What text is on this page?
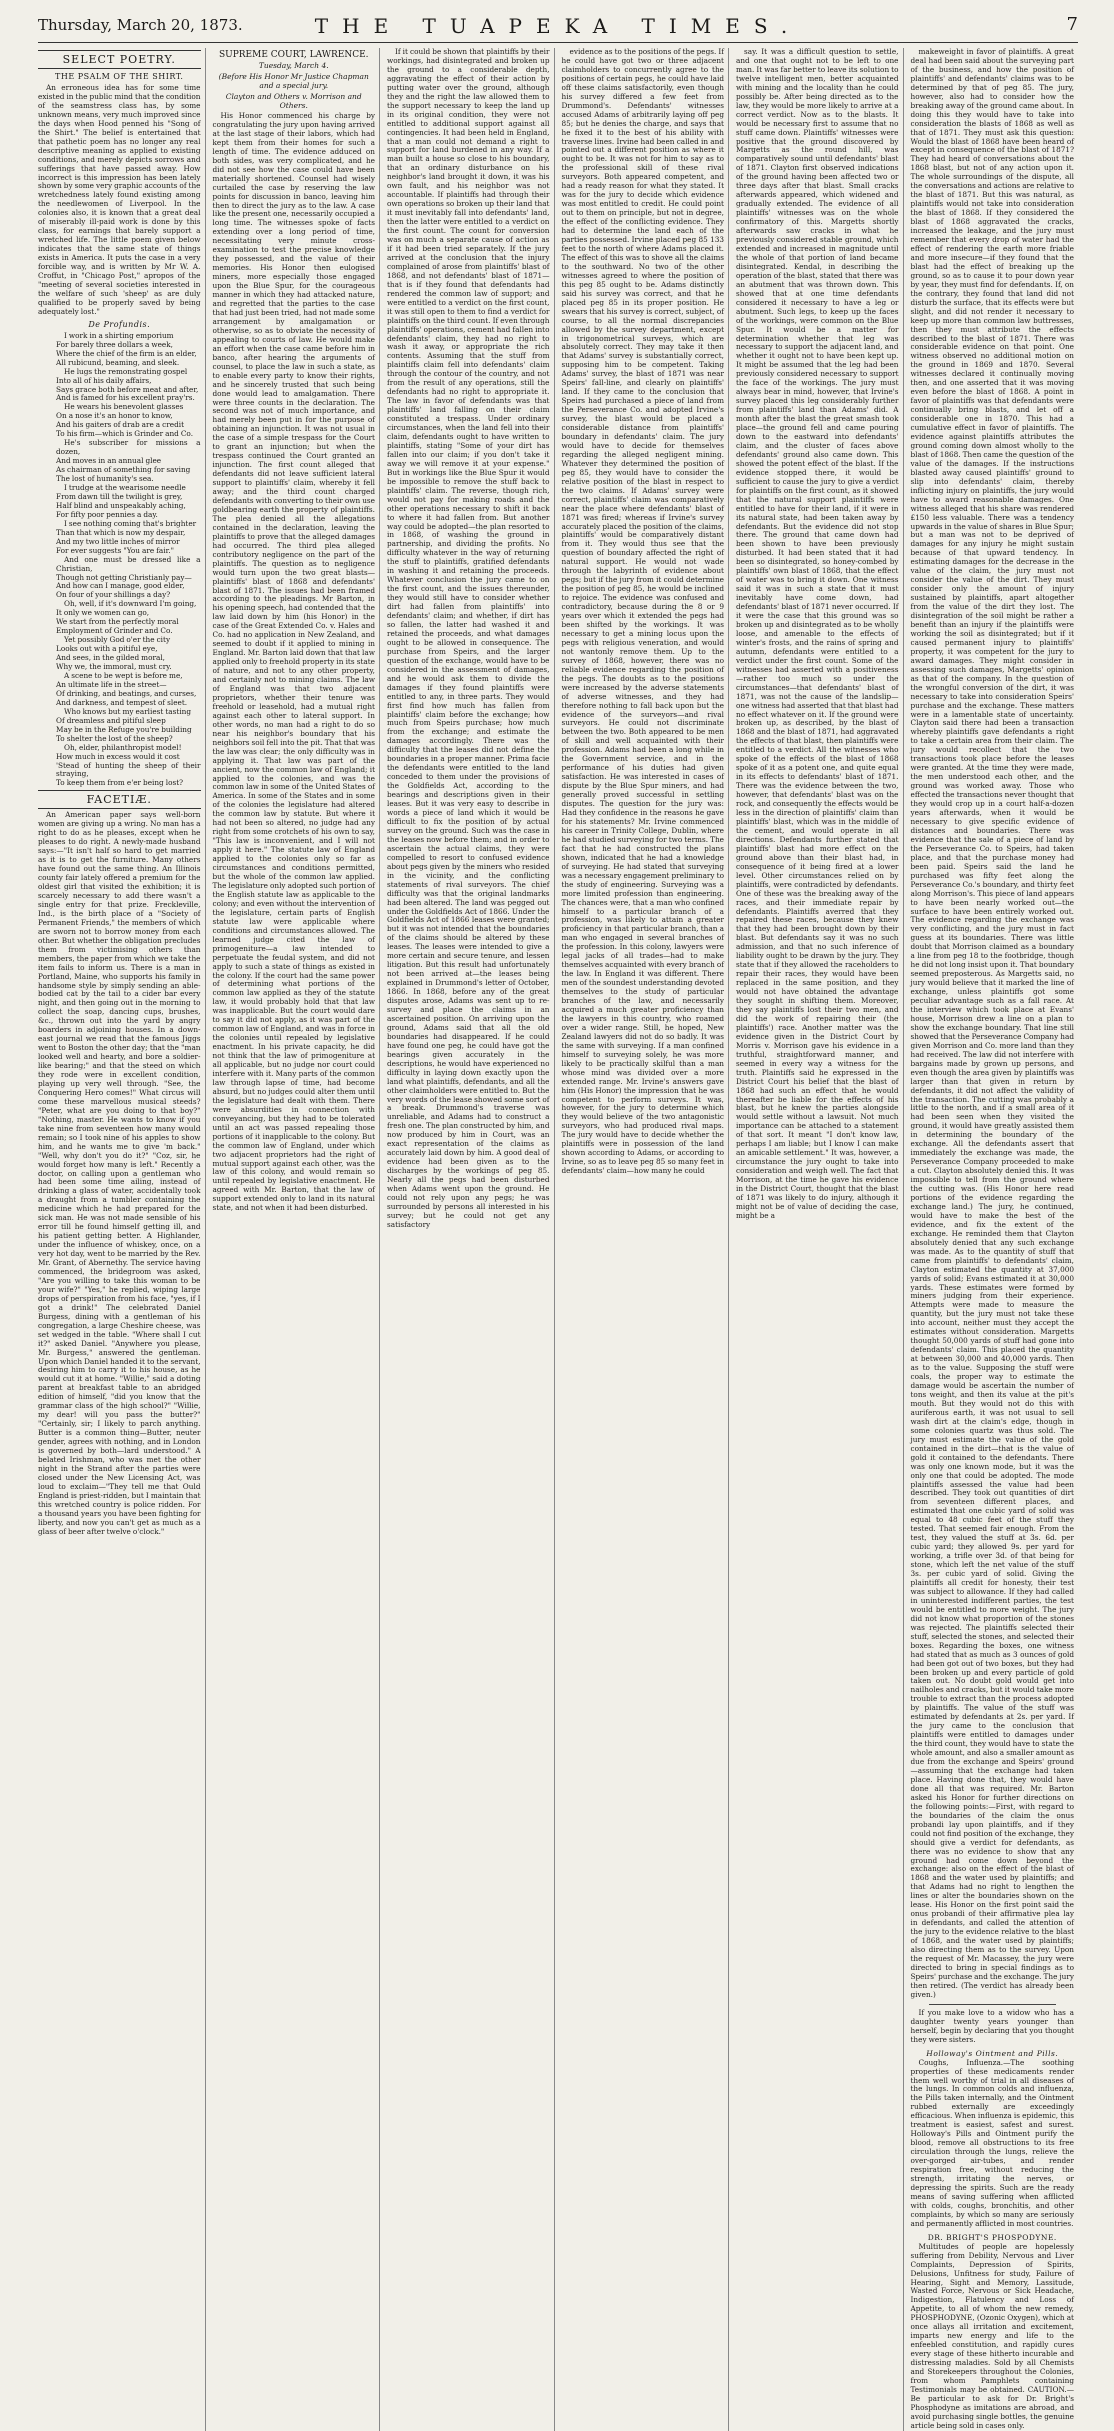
Thursday, March 20, 1873.	THE TUAPEKA TIMES.	7
SELECT POETRY.
THE PSALM OF THE SHIRT.

An erroneous idea has for some time existed in the public mind that the condition of the seamstress class has, by some unknown means, very much improved since the days when Hood penned his "Song of the Shirt." The belief is entertained that that pathetic poem has no longer any real descriptive meaning as applied to existing conditions, and merely depicts sorrows and sufferings that have passed away. How incorrect is this impression has been lately shown by some very graphic accounts of the wretchedness lately found existing among the needlewomen of Liverpool. In the colonies also, it is known that a great deal of miserably ill-paid work is done by this class, for earnings that barely support a wretched life. The little poem given below indicates that the same state of things exists in America. It puts the case in a very forcible way, and is written by Mr W. A. Croffut, in "Chicago Post," apropos of the "meeting of several societies interested in the welfare of such 'sheep' as are duly qualified to be properly saved by being adequately lost."

De Profundis.

I work in a shirting emporium
For barely three dollars a week,
Where the chief of the firm is an elder,
All rubicund, beaming, and sleek.

He lugs the remonstrating gospel
Into all of his daily affairs,
Says grace both before meat and after,
And is famed for his excellent pray'rs.

He wears his benevolent glasses
On a nose it's an honor to know,
And his gaiters of drab are a credit
To his firm—which is Grinder and Co.

He's subscriber for missions a dozen,
And moves in an annual glee
As chairman of something for saving
The lost of humanity's sea.

I trudge at the wearisome needle
From dawn till the twilight is grey,
Half blind and unspeakably aching,
For fifty poor pennies a day.

I see nothing coming that's brighter
Than that which is now my despair,
And my two little inches of mirror
For ever suggests "You are fair."

And one must be dressed like a Christian,
Though not getting Christianly pay—
And how can I manage, good elder,
On four of your shillings a day?

Oh, well, if it's downward I'm going,
It only we women can go,
We start from the perfectly moral
Employment of Grinder and Co.

Yet possibly God o'er the city
Looks out with a pitiful eye,
And sees, in the gilded moral,
Why we, the immoral, must cry.

A scene to be wept is before me,
An ultimate life in the street—
Of drinking, and beatings, and curses,
And darkness, and tempest of sleet.

Who knows but my earliest tasting
Of dreamless and pitiful sleep
May be in the Refuge you're building
To shelter the lost of the sheep?

Oh, elder, philanthropist model!
How much in excess would it cost
'Stead of hunting the sheep of their straying,
To keep them from e'er being lost?

FACETIÆ.

An American paper says well-born women are giving up a wring. No man has a right to do as he pleases, except when he pleases to do right. A newly-made husband says:—"It isn't half so hard to get married as it is to get the furniture. Many others have found out the same thing. An Illinois county fair lately offered a premium for the oldest girl that visited the exhibition; it is scarcely necessary to add there wasn't a single entry for that prize. Freckleville, Ind., is the birth place of a "Society of Permanent Friends," the members of which are sworn not to borrow money from each other. But whether the obligation precludes them from victimising others than members, the paper from which we take the item fails to inform us. There is a man in Portland, Maine, who supports his family in handsome style by simply sending an able-bodied cat by the tail to a cider bar every night, and then going out in the morning to collect the soap, dancing cups, brushes, &c., thrown out into the yard by angry boarders in adjoining houses. In a down-east journal we read that the famous Jiggs went to Boston the other day; that the "man looked well and hearty, and bore a soldier-like bearing;" and that the steed on which they rode were in excellent condition, playing up very well through. "See, the Conquering Hero comes!" What circus will come these marvellous musical steeds? "Peter, what are you doing to that boy?" "Nothing, master. He wants to know if you take nine from seventeen how many would remain; so I took nine of his apples to show him, and he wants me to give 'm back." "Well, why don't you do it?" "Coz, sir, he would forget how many is left." Recently a doctor, on calling upon a gentleman who had been some time ailing, instead of drinking a glass of water, accidentally took a draught from a tumbler containing the medicine which he had prepared for the sick man. He was not made sensible of his error till he found himself getting ill, and his patient getting better. A Highlander, under the influence of whiskey, once, on a very hot day, went to be married by the Rev. Mr. Grant, of Abernethy. The service having commenced, the bridegroom was asked, "Are you willing to take this woman to be your wife?" "Yes," he replied, wiping large drops of perspiration from his face, "yes, if I got a drink!" The celebrated Daniel Burgess, dining with a gentleman of his congregation, a large Cheshire cheese, was set wedged in the table. "Where shall I cut it?" asked Daniel. "Anywhere you please, Mr. Burgess," answered the gentleman. Upon which Daniel handed it to the servant, desiring him to carry it to his house, as he would cut it at home. "Willie," said a doting parent at breakfast table to an abridged edition of himself, "did you know that the grammar class of the high school?" "Willie, my dear! will you pass the butter?" "Certainly, sir; I likely to parch anything. Butter is a common thing—Butter, neuter gender, agrees with nothing, and in London is governed by both—lard understood." A belated Irishman, who was met the other night in the Strand after the parties were closed under the New Licensing Act, was loud to exclaim—"They tell me that Ould England is priest-ridden, but I maintain that this wretched country is police ridden. For a thousand years you have been fighting for liberty, and now you can't get as much as a glass of beer after twelve o'clock."

SUPREME COURT, LAWRENCE.
Tuesday, March 4.
(Before His Honor Mr Justice Chapman and a special jury.
Clayton and Others v. Morrison and Others.

His Honor commenced his charge by congratulating the jury upon having arrived at the last stage of their labors, which had kept them from their homes for such a length of time. The evidence adduced on both sides, was very complicated, and he did not see how the case could have been materially shortened. Counsel had wisely curtailed the case by reserving the law points for discussion in banco, leaving him then to direct the jury as to the law. A case like the present one, necessarily occupied a long time. The witnesses spoke of facts extending over a long period of time, necessitating very minute cross-examination to test the precise knowledge they possessed, and the value of their memories. His Honor then eulogised miners, more especially those engaged upon the Blue Spur, for the courageous manner in which they had attacked nature, and regretted that the parties to the case that had just been tried, had not made some arrangement by amalgamation or otherwise, so as to obviate the necessity of appealing to courts of law. He would make an effort when the case came before him in banco, after hearing the arguments of counsel, to place the law in such a state, as to enable every party to know their rights, and he sincerely trusted that such being done would lead to amalgamation. There were three counts in the declaration. The second was not of much importance, and had merely been put in for the purpose of obtaining an injunction. It was not usual in the case of a simple trespass for the Court to grant an injunction; but when the trespass continued the Court granted an injunction. The first count alleged that defendants did not leave sufficient lateral support to plaintiffs' claim, whereby it fell away; and the third count charged defendants with converting to their own use goldbearing earth the property of plaintiffs. The plea denied all the allegations contained in the declaration, leaving the plaintiffs to prove that the alleged damages had occurred. The third plea alleged contributory negligence on the part of the plaintiffs. The question as to negligence would turn upon the two great blasts—plaintiffs' blast of 1868 and defendants' blast of 1871. The issues had been framed according to the pleadings. Mr Barton, in his opening speech, had contended that the law laid down by him (his Honor) in the case of the Great Extended Co. v. Hales and Co. had no application in New Zealand, and seemed to doubt if it applied to mining in England. Mr. Barton laid down that that law applied only to freehold property in its state of nature, and not to any other property, and certainly not to mining claims. The law of England was that two adjacent proprietors, whether their tenure was freehold or leasehold, had a mutual right against each other to lateral support. In other words, no man had a right to do so near his neighbor's boundary that his neighbors soil fell into the pit. That that was the law was clear; the only difficulty was in applying it. That law was part of the ancient, now the common law of England; it applied to the colonies, and was the common law in some of the United States of America. In some of the States and in some of the colonies the legislature had altered the common law by statute. But where it had not been so altered, no judge had any right from some crotchets of his own to say, "This law is inconvenient, and I will not apply it here." The statute law of England applied to the colonies only so far as circumstances and conditions permitted, but the whole of the common law applied. The legislature only adopted such portion of the English statute law as applicable to the colony; and even without the intervention of the legislature, certain parts of English statute law were applicable where conditions and circumstances allowed. The learned judge cited the law of primogeniture—a law intended to perpetuate the feudal system, and did not apply to such a state of things as existed in the colony. If the court had the same power of determining what portions of the common law applied as they of the statute law, it would probably hold that that law was inapplicable. But the court would dare to say it did not apply, as it was part of the common law of England, and was in force in the colonies until repealed by legislative enactment. In his private capacity, he did not think that the law of primogeniture at all applicable, but no judge nor court could interfere with it. Many parts of the common law through lapse of time, had become absurd, but no judges could alter them until the legislature had dealt with them. There were absurdities in connection with conveyancing, but they had to be tolerated until an act was passed repealing those portions of it inapplicable to the colony. But the common law of England, under which two adjacent proprietors had the right of mutual support against each other, was the law of this colony, and would remain so until repealed by legislative enactment. He agreed with Mr. Barton, that the law of support extended only to land in its natural state, and not when it had been disturbed.

If it could be shown that plaintiffs by their workings, had disintegrated and broken up the ground to a considerable depth, aggravating the effect of their action by putting water over the ground, although they and the right the law allowed them to the support necessary to keep the land up in its original condition, they were not entitled to additional support against all contingencies. It had been held in England, that a man could not demand a right to support for land burdened in any way. If a man built a house so close to his boundary, that an ordinary disturbance on his neighbor's land brought it down, it was his own fault, and his neighbor was not accountable. If plaintiffs had through their own operations so broken up their land that it must inevitably fall into defendants' land, then the latter were entitled to a verdict on the first count. The count for conversion was on much a separate cause of action as if it had been tried separately. If the jury arrived at the conclusion that the injury complained of arose from plaintiffs' blast of 1868, and not defendants' blast of 1871—that is if they found that defendants had rendered the common law of support; and were entitled to a verdict on the first count, it was still open to them to find a verdict for plaintiffs on the third count. If even through plaintiffs' operations, cement had fallen into defendants' claim, they had no right to wash it away, or appropriate the rich contents. Assuming that the stuff from plaintiffs claim fell into defendants' claim through the contour of the country, and not from the result of any operations, still the defendants had no right to appropriate it. The law in favor of defendants was that plaintiffs' land falling on their claim constituted a trespass. Under ordinary circumstances, when the land fell into their claim, defendants ought to have written to plaintiffs, stating "Some of your dirt has fallen into our claim; if you don't take it away we will remove it at your expense." But in workings like the Blue Spur it would be impossible to remove the stuff back to plaintiffs' claim. The reverse, though rich, would not pay for making roads and the other operations necessary to shift it back to where it had fallen from. But another way could be adopted—the plan resorted to in 1868, of washing the ground in partnership, and dividing the profits. No difficulty whatever in the way of returning the stuff to plaintiffs, gratified defendants in washing it and retaining the proceeds. Whatever conclusion the jury came to on the first count, and the issues thereunder, they would still have to consider whether dirt had fallen from plaintiffs' into defendants' claim; and whether, if dirt has so fallen, the latter had washed it and retained the proceeds, and what damages ought to be allowed in consequence. The purchase from Speirs, and the larger question of the exchange, would have to be considered in the assessment of damages, and he would ask them to divide the damages if they found plaintiffs were entitled to any, in three parts. They would first find how much has fallen from plaintiffs' claim before the exchange; how much from Speirs purchase; how much from the exchange; and estimate the damages accordingly. There was the difficulty that the leases did not define the boundaries in a proper manner. Prima facie the defendants were entitled to the land conceded to them under the provisions of the Goldfields Act, according to the bearings and descriptions given in their leases. But it was very easy to describe in words a piece of land which it would be difficult to fix the position of by actual survey on the ground. Such was the case in the leases now before them; and in order to ascertain the actual claims, they were compelled to resort to confused evidence about pegs given by the miners who resided in the vicinity, and the conflicting statements of rival surveyors. The chief difficulty was that the original landmarks had been altered. The land was pegged out under the Goldfields Act of 1866. Under the Goldfields Act of 1866 leases were granted; but it was not intended that the boundaries of the claims should be altered by these leases. The leases were intended to give a more certain and secure tenure, and lessen litigation. But this result had unfortunately not been arrived at—the leases being explained in Drummond's letter of October, 1866. In 1868, before any of the great disputes arose, Adams was sent up to re-survey and place the claims in an ascertained position. On arriving upon the ground, Adams said that all the old boundaries had disappeared. If he could have found one peg, he could have got the bearings given accurately in the descriptions, he would have experienced no difficulty in laying down exactly upon the land what plaintiffs, defendants, and all the other claimholders were entitled to. But the very words of the lease showed some sort of a break. Drummond's traverse was unreliable, and Adams had to construct a fresh one. The plan constructed by him, and now produced by him in Court, was an exact representation of the claims as accurately laid down by him. A good deal of evidence had been given as to the discharges by the workings of peg 85. Nearly all the pegs had been disturbed when Adams went upon the ground. He could not rely upon any pegs; he was surrounded by persons all interested in his survey; but he could not get any satisfactory

evidence as to the positions of the pegs. If he could have got two or three adjacent claimholders to concurrently agree to the positions of certain pegs, he could have laid off these claims satisfactorily, even though his survey differed a few feet from Drummond's. Defendants' witnesses accused Adams of arbitrarily laying off peg 85; but he denies the charge, and says that he fixed it to the best of his ability with traverse lines. Irvine had been called in and pointed out a different position as where it ought to be. It was not for him to say as to the professional skill of these rival surveyors. Both appeared competent, and had a ready reason for what they stated. It was for the jury to decide which evidence was most entitled to credit. He could point out to them on principle, but not in degree, the effect of the conflicting evidence. They had to determine the land each of the parties possessed. Irvine placed peg 85 133 feet to the north of where Adams placed it. The effect of this was to shove all the claims to the southward. No two of the other witnesses agreed to where the position of this peg 85 ought to be. Adams distinctly said his survey was correct, and that he placed peg 85 in its proper position. He swears that his survey is correct, subject, of course, to all the normal discrepancies allowed by the survey department, except in trigonometrical surveys, which are absolutely correct. They may take it then that Adams' survey is substantially correct, supposing him to be competent. Taking Adams' survey, the blast of 1871 was near Speirs' fall-line, and clearly on plaintiffs' land. If they came to the conclusion that Speirs had purchased a piece of land from the Perseverance Co. and adopted Irvine's survey, the blast would be placed a considerable distance from plaintiffs' boundary in defendants' claim. The jury would have to decide for themselves regarding the alleged negligent mining. Whatever they determined the position of peg 85, they would have to consider the relative position of the blast in respect to the two claims. If Adams' survey were correct, plaintiffs' claim was comparatively near the place where defendants' blast of 1871 was fired; whereas if Irvine's survey accurately placed the position of the claims, plaintiffs' would be comparatively distant from it. They would thus see that the question of boundary affected the right of natural support. He would not wade through the labyrinth of evidence about pegs; but if the jury from it could determine the position of peg 85, he would be inclined to rejoice. The evidence was confused and contradictory, because during the 8 or 9 years over which it extended the pegs had been shifted by the workings. It was necessary to get a mining locus upon the pegs with religious veneration, and would not wantonly remove them. Up to the survey of 1868, however, there was no reliable evidence regarding the position of the pegs. The doubts as to the positions were increased by the adverse statements of adverse witnesses, and they had therefore nothing to fall back upon but the evidence of the surveyors—and rival surveyors. He could not discriminate between the two. Both appeared to be men of skill and well acquainted with their profession. Adams had been a long while in the Government service, and in the performance of his duties had given satisfaction. He was interested in cases of dispute by the Blue Spur miners, and had generally proved successful in settling disputes. The question for the jury was: Had they confidence in the reasons he gave for his statements? Mr. Irvine commenced his career in Trinity College, Dublin, where he had studied surveying for two terms. The fact that he had constructed the plans shown, indicated that he had a knowledge of surveying. He had stated that surveying was a necessary engagement preliminary to the study of engineering. Surveying was a more limited profession than engineering. The chances were, that a man who confined himself to a particular branch of a profession, was likely to attain a greater proficiency in that particular branch, than a man who engaged in several branches of the profession. In this colony, lawyers were legal jacks of all trades—had to make themselves acquainted with every branch of the law. In England it was different. There men of the soundest understanding devoted themselves to the study of particular branches of the law, and necessarily acquired a much greater proficiency than the lawyers in this country, who roamed over a wider range. Still, he hoped, New Zealand lawyers did not do so badly. It was the same with surveying. If a man confined himself to surveying solely, he was more likely to be practically skilful than a man whose mind was divided over a more extended range. Mr. Irvine's answers gave him (His Honor) the impression that he was competent to perform surveys. It was, however, for the jury to determine which they would believe of the two antagonistic surveyors, who had produced rival maps. The jury would have to decide whether the plaintiffs were in possession of the land shown according to Adams, or according to Irvine, so as to leave peg 85 so many feet in defendants' claim—how many he could

say. It was a difficult question to settle, and one that ought not to be left to one man. It was far better to leave its solution to twelve intelligent men, better acquainted with mining and the locality than he could possibly be. After being directed as to the law, they would be more likely to arrive at a correct verdict. Now as to the blasts. It would be necessary first to assume that no stuff came down. Plaintiffs' witnesses were positive that the ground discovered by Margetts as the round hill, was comparatively sound until defendants' blast of 1871. Clayton first observed indications of the ground having been affected two or three days after that blast. Small cracks afterwards appeared, which widened and gradually extended. The evidence of all plaintiffs' witnesses was on the whole confirmatory of this. Margetts shortly afterwards saw cracks in what he previously considered stable ground, which extended and increased in magnitude until the whole of that portion of land became disintegrated. Kendal, in describing the operation of the blast, stated that there was an abutment that was thrown down. This showed that at one time defendants considered it necessary to have a leg or abutment. Such legs, to keep up the faces of the workings, were common on the Blue Spur. It would be a matter for determination whether that leg was necessary to support the adjacent land, and whether it ought not to have been kept up. It might be assumed that the leg had been previously considered necessary to support the face of the workings. The jury must always bear in mind, however, that Irvine's survey placed this leg considerably further from plaintiffs' land than Adams' did. A month after the blast the great smash took place—the ground fell and came pouring down to the eastward into defendants' claim, and the cluster of faces above defendants' ground also came down. This showed the potent effect of the blast. If the evidence stopped there, it would be sufficient to cause the jury to give a verdict for plaintiffs on the first count, as it showed that the natural support plaintiffs were entitled to have for their land, if it were in its natural state, had been taken away by defendants. But the evidence did not stop there. The ground that came down had been shown to have been previously disturbed. It had been stated that it had been so disintegrated, so honey-combed by plaintiffs' own blast of 1868, that the effect of water was to bring it down. One witness said it was in such a state that it must inevitably have come down, had defendants' blast of 1871 never occurred. If it were the case that this ground was so broken up and disintegrated as to be wholly loose, and amenable to the effects of winter's frosts, and the rains of spring and autumn, defendants were entitled to a verdict under the first count. Some of the witnesses had asserted with a positiveness—rather too much so under the circumstances—that defendants' blast of 1871, was not the cause of the landslip—one witness had asserted that that blast had no effect whatever on it. If the ground were broken up, as described, by the blast of 1868 and the blast of 1871, had aggravated the effects of that blast, then plaintiffs were entitled to a verdict. All the witnesses who spoke of the effects of the blast of 1868 spoke of it as a potent one, and quite equal in its effects to defendants' blast of 1871. There was the evidence between the two, however, that defendants' blast was on the rock, and consequently the effects would be less in the direction of plaintiffs' claim than plaintiffs' blast, which was in the middle of the cement, and would operate in all directions. Defendants further stated that plaintiffs' blast had more effect on the ground above than their blast had, in consequence of it being fired at a lower level. Other circumstances relied on by plaintiffs, were contradicted by defendants. One of these was the breaking away of the races, and their immediate repair by defendants. Plaintiffs averred that they repaired these races, because they knew that they had been brought down by their blast. But defendants say it was no such admission, and that no such inference of liability ought to be drawn by the jury. They state that if they allowed the raceholders to repair their races, they would have been replaced in the same position, and they would not have obtained the advantage they sought in shifting them. Moreover, they say plaintiffs lost their two men, and did the work of repairing their (the plaintiffs') race. Another matter was the evidence given in the District Court by Morris v. Morrison gave his evidence in a truthful, straightforward manner, and seemed in every way a witness for the truth. Plaintiffs said he expressed in the District Court his belief that the blast of 1868 had such an effect that he would thereafter be liable for the effects of his blast, but he knew the parties alongside would settle without a lawsuit. Not much importance can be attached to a statement of that sort. It meant "I don't know law, perhaps I am liable; but I know I can make an amicable settlement." It was, however, a circumstance the jury ought to take into consideration and weigh well. The fact that Morrison, at the time he gave his evidence in the District Court, thought that the blast of 1871 was likely to do injury, although it might not be of value of deciding the case, might be a

makeweight in favor of plaintiffs. A great deal had been said about the surveying part of the business, and how the position of plaintiffs' and defendants' claims was to be determined by that of peg 85. The jury, however, also had to consider how the breaking away of the ground came about. In doing this they would have to take into consideration the blasts of 1868 as well as that of 1871. They must ask this question: Would the blast of 1868 have been heard of except in consequence of the blast of 1871? They had heard of conversations about the 1868 blast, but not of any action upon it. The whole surroundings of the dispute, all the conversations and actions are relative to the blast of 1871. But this was natural, as plaintiffs would not take into consideration the blast of 1868. If they considered the blast of 1868 aggravated the cracks, increased the leakage, and the jury must remember that every drop of water had the effect of rendering the earth more friable and more insecure—if they found that the blast had the effect of breaking up the ground, so as to cause it to pour down year by year, they must find for defendants. If, on the contrary, they found that land did not disturb the surface, that its effects were but slight, and did not render it necessary to keep up more than common law buttresses, then they must attribute the effects described to the blast of 1871. There was considerable evidence on that point. One witness observed no additional motion on the ground in 1869 and 1870. Several witnesses declared it continually moving then, and one asserted that it was moving even before the blast of 1868. A point in favor of plaintiffs was that defendants were continually bring blasts, and let off a considerable one in 1870. This had a cumulative effect in favor of plaintiffs. The evidence against plaintiffs attributes the ground coming down almost wholly to the blast of 1868. Then came the question of the value of the damages. If the instructions blasted away caused plaintiffs' ground to slip into defendants' claim, thereby inflicting injury on plaintiffs, the jury would have to award reasonable damages. One witness alleged that his share was rendered £150 less valuable. There was a tendency upwards in the value of shares in Blue Spur; but a man was not to be deprived of damages for any injury he might sustain because of that upward tendency. In estimating damages for the decrease in the value of the claim, the jury must not consider the value of the dirt. They must consider only the amount of injury sustained by plaintiffs, apart altogether from the value of the dirt they lost. The disintegration of the soil might be rather a benefit than an injury if the plaintiffs were working the soil as disintegrated; but if it caused permanent injury to plaintiffs' property, it was competent for the jury to award damages. They might consider in assessing such damages, Margetts' opinion as that of the company. In the question of the wrongful conversion of the dirt, it was necessary to take into consideration Speirs' purchase and the exchange. These matters were in a lamentable state of uncertainty. Clayton said there had been a transaction whereby plaintiffs gave defendants a right to take a certain area from their claim. The jury would recollect that the two transactions took place before the leases were granted. At the time they were made, the men understood each other, and the ground was worked away. Those who effected the transactions never thought that they would crop up in a court half-a-dozen years afterwards, when it would be necessary to give specific evidence of distances and boundaries. There was evidence that the sale of a piece of land by the Perseverance Co. to Speirs, had taken place, and that the purchase money had been paid. Speirs said the land he purchased was fifty feet along the Perseverance Co.'s boundary, and thirty feet along Morrison's. This piece of land appears to have been nearly worked out—the surface to have been entirely worked out. The evidence regarding the exchange was very conflicting, and the jury must in fact guess at its boundaries. There was little doubt that Morrison claimed as a boundary a line from peg 18 to the footbridge, though he did not long insist upon it. That boundary seemed preposterous. As Margetts said, no jury would believe that it marked the line of exchange, unless plaintiffs got some peculiar advantage such as a fall race. At the interview which took place at Evans' house, Morrison drew a line on a plan to show the exchange boundary. That line still showed that the Perseverance Company had given Morrison and Co. more land than they had received. The law did not interfere with bargains made by grown up persons, and even though the area given by plaintiffs was larger than that given in return by defendants, it did not affect the validity of the transaction. The cutting was probably a little to the north, and if a small area of it had been seen when they visited the ground, it would have greatly assisted them in determining the boundary of the exchange. All the defendants assert that immediately the exchange was made, the Perseverance Company proceeded to make a cut. Clayton absolutely denied this. It was impossible to tell from the ground where the cutting was. (His Honor here read portions of the evidence regarding the exchange land.) The jury, he continued, would have to make the best of the evidence, and fix the extent of the exchange. He reminded them that Clayton absolutely denied that any such exchange was made. As to the quantity of stuff that came from plaintiffs' to defendants' claim, Clayton estimated the quantity at 37,000 yards of solid; Evans estimated it at 30,000 yards. These estimates were formed by miners judging from their experience. Attempts were made to measure the quantity, but the jury must not take these into account, neither must they accept the estimates without consideration. Margetts thought 50,000 yards of stuff had gone into defendants' claim. This placed the quantity at between 30,000 and 40,000 yards. Then as to the value. Supposing the stuff were coals, the proper way to estimate the damage would be ascertain the number of tons weight, and then its value at the pit's mouth. But they would not do this with auriferous earth, it was not usual to sell wash dirt at the claim's edge, though in some colonies quartz was thus sold. The jury must estimate the value of the gold contained in the dirt—that is the value of gold it contained to the defendants. There was only one known mode, but it was the only one that could be adopted. The mode plaintiffs assessed the value had been described. They took out quantities of dirt from seventeen different places, and estimated that one cubic yard of solid was equal to 48 cubic feet of the stuff they tested. That seemed fair enough. From the test, they valued the stuff at 3s. 6d. per cubic yard; they allowed 9s. per yard for working, a trifle over 3d. of that being for stone, which left the net value of the stuff 3s. per cubic yard of solid. Giving the plaintiffs all credit for honesty, their test was subject to allowance. If they had called in uninterested indifferent parties, the test would be entitled to more weight. The jury did not know what proportion of the stones was rejected. The plaintiffs selected their stuff, selected the stones, and selected their boxes. Regarding the boxes, one witness had stated that as much as 3 ounces of gold had been got out of two boxes, but they had been broken up and every particle of gold taken out. No doubt gold would get into nailholes and cracks, but it would take more trouble to extract than the process adopted by plaintiffs. The value of the stuff was estimated by defendants at 2s. per yard. If the jury came to the conclusion that plaintiffs were entitled to damages under the third count, they would have to state the whole amount, and also a smaller amount as due from the exchange and Speirs' ground—assuming that the exchange had taken place. Having done that, they would have done all that was required. Mr. Barton asked his Honor for further directions on the following points:—First, with regard to the boundaries of the claim the onus probandi lay upon plaintiffs, and if they could not find position of the exchange, they should give a verdict for defendants, as there was no evidence to show that any ground had come down beyond the exchange: also on the effect of the blast of 1868 and the water used by plaintiffs; and that Adams had no right to lengthen the lines or alter the boundaries shown on the lease. His Honor on the first point said the onus probandi of their affirmative plea lay in defendants, and called the attention of the jury to the evidence relative to the blast of 1868, and the water used by plaintiffs; also directing them as to the survey. Upon the request of Mr. Macassey, the jury were directed to bring in special findings as to Speirs' purchase and the exchange. The jury then retired. (The verdict has already been given.)

If you make love to a widow who has a daughter twenty years younger than herself, begin by declaring that you thought they were sisters.

Holloway's Ointment and Pills.

Coughs, Influenza.—The soothing properties of these medicaments render them well worthy of trial in all diseases of the lungs. In common colds and influenza, the Pills taken internally, and the Ointment rubbed externally are exceedingly efficacious. When influenza is epidemic, this treatment is easiest, safest and surest. Holloway's Pills and Ointment purify the blood, remove all obstructions to its free circulation through the lungs, relieve the over-gorged air-tubes, and render respiration free, without reducing the strength, irritating the nerves, or depressing the spirits. Such are the ready means of saving suffering when afflicted with colds, coughs, bronchitis, and other complaints, by which so many are seriously and permanently afflicted in most countries.

DR. BRIGHT'S PHOSPODYNE.

Multitudes of people are hopelessly suffering from Debility, Nervous and Liver Complaints, Depression of Spirits, Delusions, Unfitness for study, Failure of Hearing, Sight and Memory, Lassitude, Wasted Force, Nervous or Sick Headache, Indigestion, Flatulency and Loss of Appetite, to all of whom the new remedy, PHOSPHODYNE, (Ozonic Oxygen), which at once allays all irritation and excitement, imparts new energy and life to the enfeebled constitution, and rapidly cures every stage of these hitherto incurable and distressing maladies. Sold by all Chemists and Storekeepers throughout the Colonies, from whom Pamphlets containing Testimonials may be obtained. CAUTION.—Be particular to ask for Dr. Bright's Phosphodyne as imitations are abroad, and avoid purchasing single bottles, the genuine article being sold in cases only.
